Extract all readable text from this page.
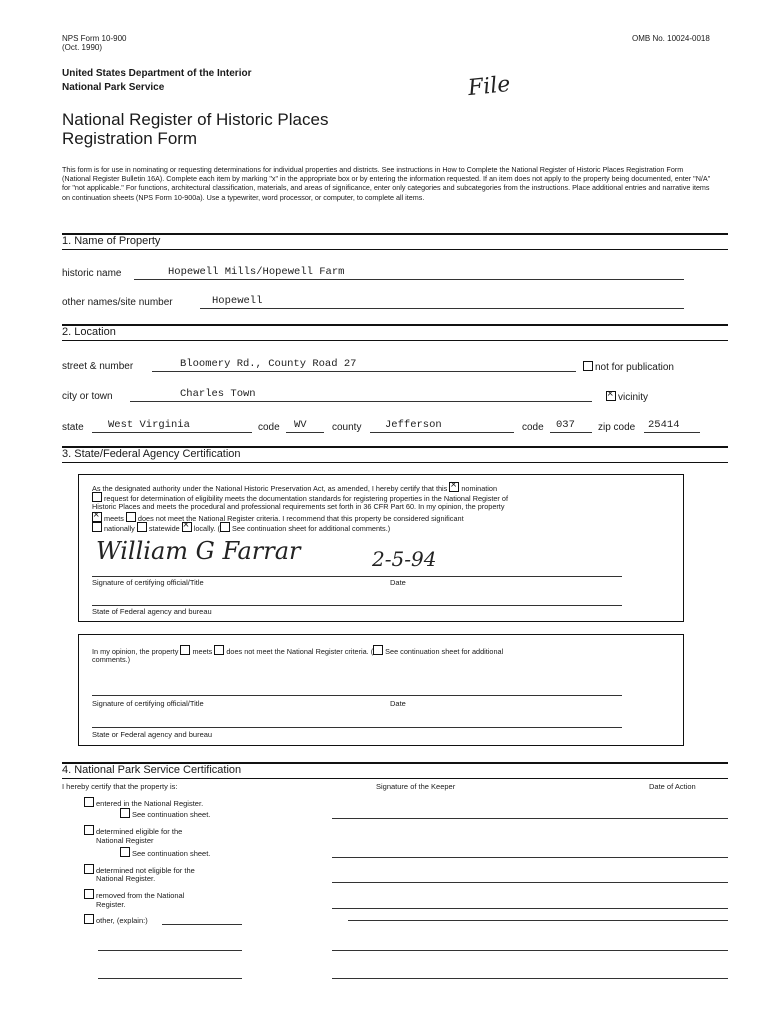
NPS Form 10-900
(Oct. 1990)
OMB No. 10024-0018
United States Department of the Interior
National Park Service	File
National Register of Historic Places
Registration Form
This form is for use in nominating or requesting determinations for individual properties and districts. See instructions in How to Complete the National Register of Historic Places Registration Form (National Register Bulletin 16A). Complete each item by marking "x" in the appropriate box or by entering the information requested. If an item does not apply to the property being documented, enter "N/A" for "not applicable." For functions, architectural classification, materials, and areas of significance, enter only categories and subcategories from the instructions. Place additional entries and narrative items on continuation sheets (NPS Form 10-900a). Use a typewriter, word processor, or computer, to complete all items.
1. Name of Property
historic name	Hopewell Mills/Hopewell Farm
other names/site number	Hopewell
2. Location
street & number	Bloomery Rd., County Road 27	not for publication
city or town	Charles Town ×	vicinity
state West Virginia	code WV	county Jefferson	code 037 zip code 25414
3. State/Federal Agency Certification
As the designated authority under the National Historic Preservation Act, as amended, I hereby certify that this × nomination
request for determination of eligibility meets the documentation standards for registering properties in the National Register of
Historic Places and meets the procedural and professional requirements set forth in 36 CFR Part 60. In my opinion, the property
×meets does not meet the National Register criteria. I recommend that this property be considered significant
nationally statewide × locally. ( See continuation sheet for additional comments.)
William G Farrar	2-5-94
Signature of certifying official/Title	Date
State of Federal agency and bureau
In my opinion, the property meets does not meet the National Register criteria. ( See continuation sheet for additional
comments.)
Signature of certifying official/Title	Date
State or Federal agency and bureau
4. National Park Service Certification
I hereby certify that the property is:	Signature of the Keeper	Date of Action
entered in the National Register.
See continuation sheet.
determined eligible for the
National Register
See continuation sheet.
determined not eligible for the
National Register.
removed from the National
Register.
other, (explain:)
